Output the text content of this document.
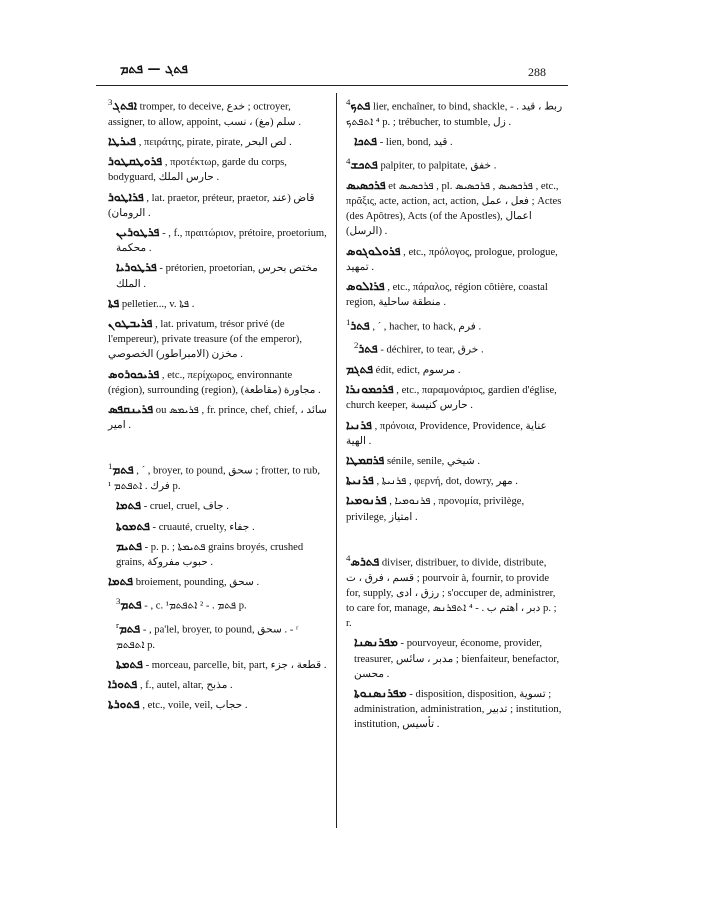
ܦܬܓ — ܦܬܡ	288

$^3$ܐܦܬܓ tromper, to deceive, خدع ; octroyer, assigner, to allow, appoint, سلم (مغ) ، نسب .

ܦܝܪܛܐ , πειράτης, pirate, pirate, لص البحر .

ܦܪܘܛܩܛܘܪ , προτέκτωρ, garde du corps, bodyguard, حارس الملك .

ܦܪܐܛܘܪ , lat. praetor, préteur, praetor, قاض (عند الرومان) .

ܦܪܛܘܪܝܢ - , f., πραιτώριον, prétoire, proetorium, محكمة .

ܦܪܛܘܪܝܐ - prétorien, proetorian, مختص بحرس الملك .

ܦܬܐ pelletier..., v. ܦܬܐ .

ܦܪܝܒܛܘܢ , lat. privatum, trésor privé (de l'empereur), private treasure (of the emperor), مخزن (الامبراطور) الخصوصي .

ܦܪܝܟܘܪܘܣ , etc., περίχωρος, environnante (région), surrounding (region), مجاورة (مقاطعة) .

ܦܪܝܢܩܦܣ ou ܦܪܝܡܣ , fr. prince, chef, chief, سائد ، امير .

$^1$ܦܬܡ , ´ , broyer, to pound, سحق ; frotter, to rub, فرك . ܐܬܦܬܡ ¹ p.

ܦܬܡܐ - cruel, cruel, جاف .

ܦܬܡܘܬܐ - cruauté, cruelty, جفاء .

ܦܬܝܡ - p. p. ; ܦܬܝܡܬܐ grains broyés, crushed grains, حبوب مفروكة .

ܦܬܡܐ broiement, pounding, سحق .

$^3$ܦܬܡ - , c. ¹ܦܬܡ . - ² ܐܬܦܬܡ p.

$^r$ܦܬܡ - , pa'lel, broyer, to pound, سحق . - ʳ ܐܬܦܬܡ p.

ܦܬܡܬܐ - morceau, parcelle, bit, part, قطعة ، جزء .

ܦܬܘܪܐ , f., autel, altar, مذبح .

ܦܬܘܪܬܐ , etc., voile, veil, حجاب .

$^4$ܦܬܟ lier, enchaîner, to bind, shackle, ربط ، قيد . - ⁴ ܐܬܦܬܟ p. ; trébucher, to stumble, زل .

ܦܬܟܐ - lien, bond, قيد .

$^4$ܦܬܟܫ palpiter, to palpitate, خفق .

ܦܪܟܣܝܣ et ܦܪܟܣܝܣ , pl. ܦܪܟܣܝܣ , ܦܪܟܣܝܣ , etc., πρᾶξις, acte, action, act, action, فعل ، عمل ; Actes (des Apôtres), Acts (of the Apostles), اعمال (الرسل) .

ܦܪܘܠܘܓܘܣ , etc., πρόλογος, prologue, prologue, تمهيد .

ܦܪܐܠܘܣ , etc., πάραλος, région côtière, coastal region, منطقة ساحلية .

$^1$ܦܬܪ , ´ , hacher, to hack, فرم .

$^2$ܦܬܪ - déchirer, to tear, خرق .

ܦܬܓܡ édit, edict, مرسوم .

ܦܪܟܡܘܢܪܐ , etc., παραμονάριος, gardien d'église, church keeper, حارس كنيسة .

ܦܪܢܝܐ , πρόνοια, Providence, Providence, عناية الهية .

ܦܪܩܡܛܐ sénile, senile, شيخي .

ܦܪܢܝܬܐ , ܦܪܢܝܬܐ , φερνή, dot, dowry, مهر .

ܦܪܢܘܡܝܐ , ܦܪܢܘܡܝܐ , προνομία, privilège, privilege, امتياز .

$^4$ܦܬܪܣ diviser, distribuer, to divide, distribute, قسم ، فرق ، ت ; pourvoir à, fournir, to provide for, supply, رزق ، ادى ; s'occuper de, administrer, to care for, manage, دبر ، اهتم ب . - ⁴ ܐܬܦܪܢܣ p. ; r.

ܡܦܪܢܣܢܐ - pourvoyeur, économe, provider, treasurer, مدبر ، سائس ; bienfaiteur, benefactor, محسن .

ܡܦܪܢܣܢܘܬܐ - disposition, disposition, تسوية ; administration, administration, تدبير ; institution, institution, تأسيس .
